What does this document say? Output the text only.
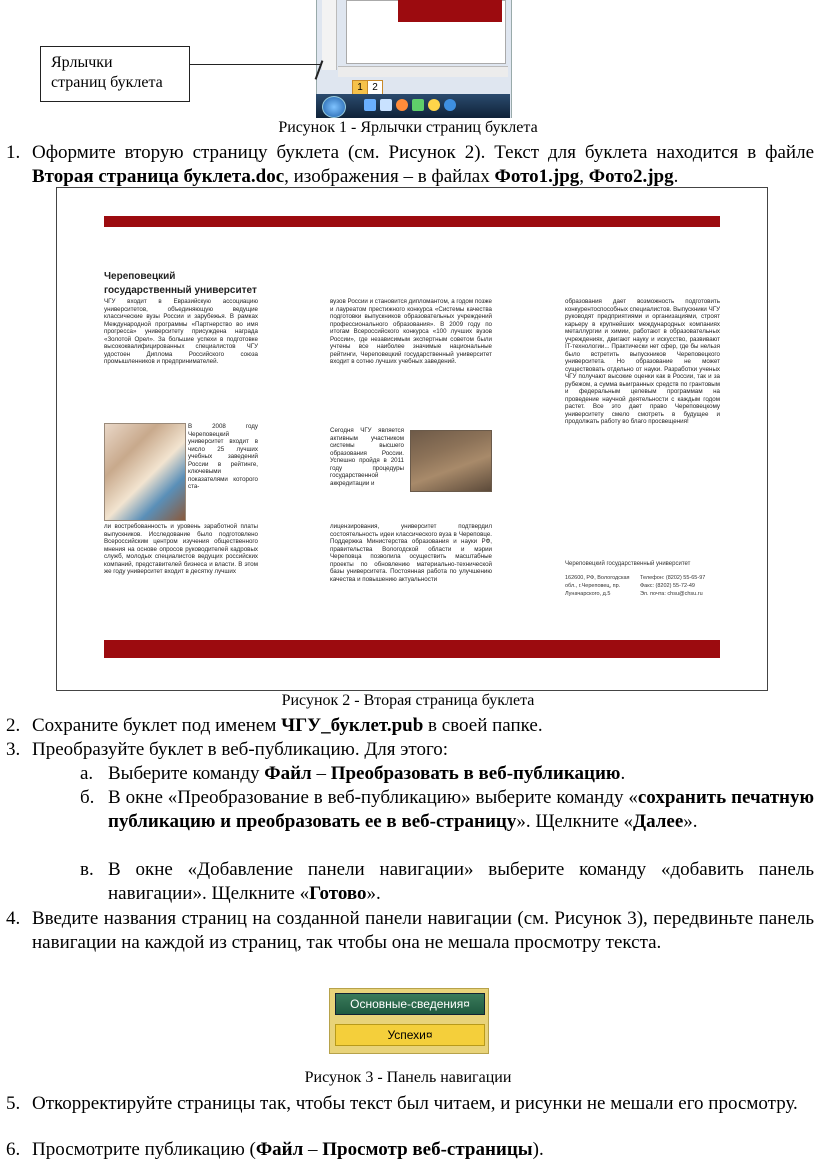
1 2
Ярлычки
страниц буклета
Рисунок 1 - Ярлычки страниц буклета
1. Оформите вторую страницу буклета (см. Рисунок 2). Текст для буклета находится в файле Вторая страница буклета.doc, изображения – в файлах Фото1.jpg, Фото2.jpg.
Череповецкий
государственный университет
ЧГУ входит в Евразийскую ассоциацию университетов, объединяющую ведущие классические вузы России и зарубежья. В рамках Международной программы «Партнерство во имя прогресса» университету присуждена награда «Золотой Орел». За большие успехи в подготовке высококвалифицированных специалистов ЧГУ удостоен Диплома Российского союза промышленников и предпринимателей.
В 2008 году Череповецкий университет входит в число 25 лучших учебных заведений России в рейтинге, ключевыми показателями которого ста-
ли востребованность и уровень заработной платы выпускников. Исследование было подготовлено Всероссийским центром изучения общественного мнения на основе опросов руководителей кадровых служб, молодых специалистов ведущих российских компаний, представителей бизнеса и власти. В этом же году университет входит в десятку лучших
вузов России и становится дипломантом, а годом позже и лауреатом престижного конкурса «Системы качества подготовки выпускников образовательных учреждений профессионального образования». В 2009 году по итогам Всероссийского конкурса «100 лучших вузов России», где независимым экспертным советом были учтены все наиболее значимые национальные рейтинги, Череповецкий государственный университет входит в сотню лучших учебных заведений.
Сегодня ЧГУ является активным участником системы высшего образования России. Успешно пройдя в 2011 году процедуры государственной аккредитации и
лицензирования, университет подтвердил состоятельность идеи классического вуза в Череповце. Поддержка Министерства образования и науки РФ, правительства Вологодской области и мэрии Череповца позволила осуществить масштабные проекты по обновлению материально-технической базы университета. Постоянная работа по улучшению качества и повышению актуальности
образования дает возможность подготовить конкурентоспособных специалистов. Выпускники ЧГУ руководят предприятиями и организациями, строят карьеру в крупнейших международных компаниях металлургии и химии, работают в образовательных учреждениях, двигают науку и искусство, развивают IT-технологии... Практически нет сфер, где бы нельзя было встретить выпускников Череповецкого университета. Но образование не может существовать отдельно от науки. Разработки ученых ЧГУ получают высокие оценки как в России, так и за рубежом, а сумма выигранных средств по грантовым и федеральным целевым программам на проведение научной деятельности с каждым годом растет. Все это дает право Череповецкому университету смело смотреть в будущее и продолжать работу во благо просвещения!
Череповецкий государственный университет
162600, РФ, Вологодская обл., г.Череповец, пр. Луначарского, д.5
Телефон: (8202) 55-65-97
Факс: (8202) 55-72-49
Эл. почта: chsu@chsu.ru
Рисунок 2 - Вторая страница буклета
2. Сохраните буклет под именем ЧГУ_буклет.pub в своей папке.
3. Преобразуйте буклет в веб-публикацию. Для этого:
а. Выберите команду Файл – Преобразовать в веб-публикацию.
б. В окне «Преобразование в веб-публикацию» выберите команду «сохранить печатную публикацию и преобразовать ее в веб-страницу». Щелкните «Далее».
в. В окне «Добавление панели навигации» выберите команду «добавить панель навигации». Щелкните «Готово».
4. Введите названия страниц на созданной панели навигации (см. Рисунок 3), передвиньте панель навигации на каждой из страниц, так чтобы она не мешала просмотру текста.
Основные-сведения¤
Успехи¤
Рисунок 3 - Панель навигации
5. Откорректируйте страницы так, чтобы текст был читаем, и рисунки не мешали его просмотру.
6. Просмотрите публикацию (Файл – Просмотр веб-страницы).
